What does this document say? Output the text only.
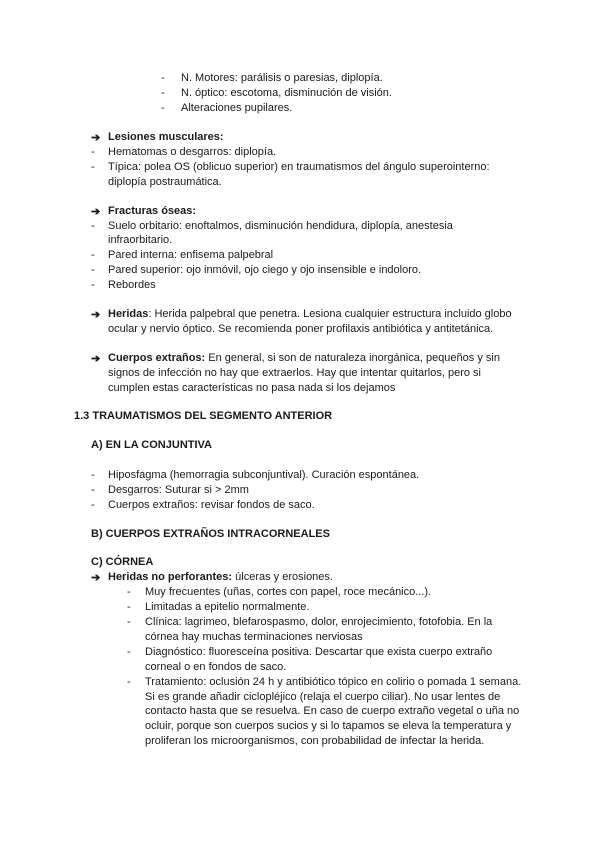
- N. Motores: parálisis o paresias, diplopía.
- N. óptico: escotoma, disminución de visión.
- Alteraciones pupilares.
➔ Lesiones musculares:
- Hematomas o desgarros: diplopía.
- Típica: polea OS (oblicuo superior) en traumatismos del ángulo superointerno:
diplopía postraumática.
➔ Fracturas óseas:
- Suelo orbitario: enoftalmos, disminución hendidura, diplopía, anestesia
infraorbitario.
- Pared interna: enfisema palpebral
- Pared superior: ojo inmóvil, ojo ciego y ojo insensible e indoloro.
- Rebordes
➔ Heridas: Herida palpebral que penetra. Lesiona cualquier estructura incluido globo
ocular y nervio óptico. Se recomienda poner profilaxis antibiótica y antitetánica.
➔ Cuerpos extraños: En general, si son de naturaleza inorgánica, pequeños y sin
signos de infección no hay que extraerlos. Hay que intentar quitarlos, pero si
cumplen estas características no pasa nada si los dejamos
1.3 TRAUMATISMOS DEL SEGMENTO ANTERIOR
A) EN LA CONJUNTIVA
- Hiposfagma (hemorragia subconjuntival). Curación espontánea.
- Desgarros: Suturar si > 2mm
- Cuerpos extraños: revisar fondos de saco.
B) CUERPOS EXTRAÑOS INTRACORNEALES
C) CÓRNEA
➔ Heridas no perforantes: úlceras y erosiones.
- Muy frecuentes (uñas, cortes con papel, roce mecánico...).
- Limitadas a epitelio normalmente.
- Clínica: lagrimeo, blefarospasmo, dolor, enrojecimiento, fotofobia. En la
córnea hay muchas terminaciones nerviosas
- Diagnóstico: fluoresceína positiva. Descartar que exista cuerpo extraño
corneal o en fondos de saco.
- Tratamiento: oclusión 24 h y antibiótico tópico en colirio o pomada 1 semana.
Si es grande añadir ciclopléjico (relaja el cuerpo ciliar). No usar lentes de
contacto hasta que se resuelva. En caso de cuerpo extraño vegetal o uña no
ocluir, porque son cuerpos sucios y si lo tapamos se eleva la temperatura y
proliferan los microorganismos, con probabilidad de infectar la herida.
